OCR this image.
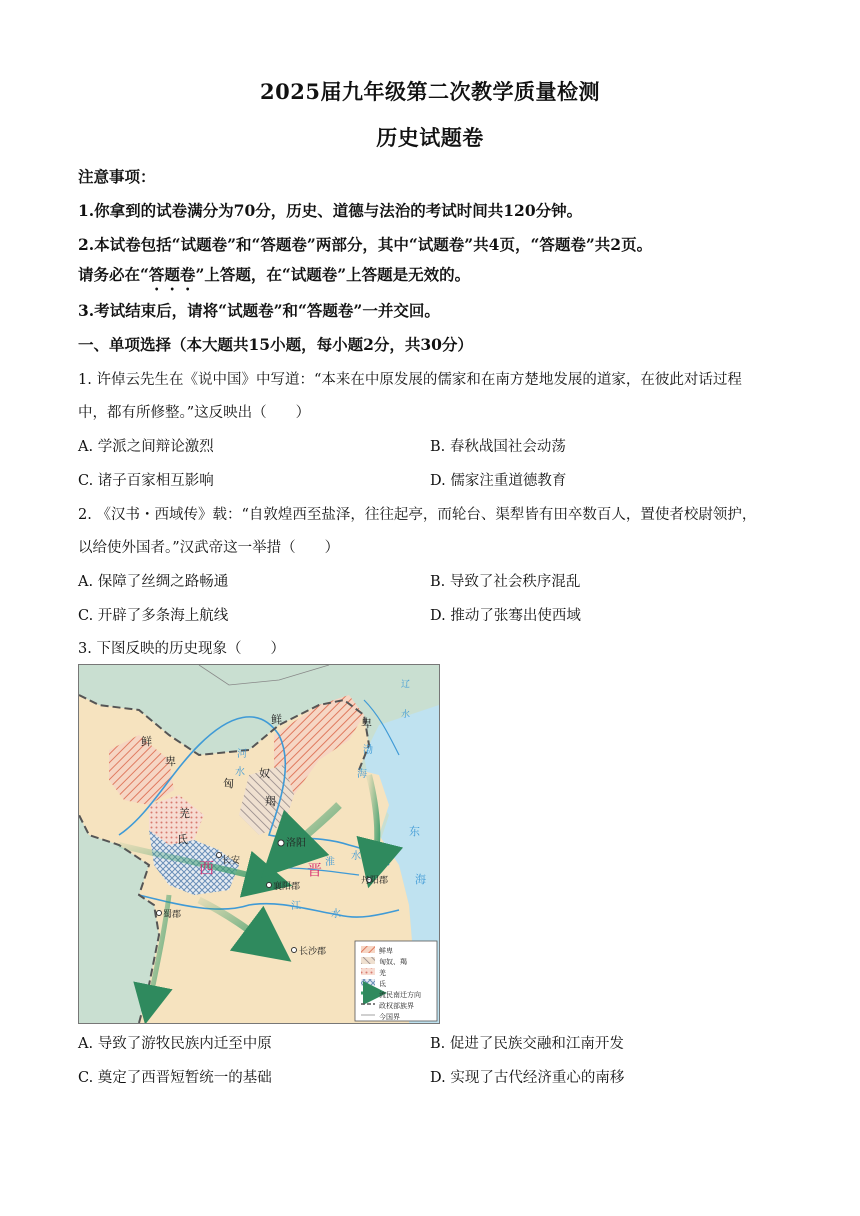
2025届九年级第二次教学质量检测
历史试题卷
注意事项：
1.你拿到的试卷满分为70分，历史、道德与法治的考试时间共120分钟。
2.本试卷包括“试题卷”和“答题卷”两部分，其中“试题卷”共4页，“答题卷”共2页。
请务必在“答题卷”上答题，在“试题卷”上答题是无效的。
3.考试结束后，请将“试题卷”和“答题卷”一并交回。
一、单项选择（本大题共15小题，每小题2分，共30分）
1. 许倬云先生在《说中国》中写道：“本来在中原发展的儒家和在南方楚地发展的道家，在彼此对话过程
中，都有所修整。”这反映出（　　）
A. 学派之间辩论激烈	B. 春秋战国社会动荡
C. 诸子百家相互影响	D. 儒家注重道德教育
2. 《汉书・西域传》载：“自敦煌西至盐泽，往往起亭，而轮台、渠犁皆有田卒数百人，置使者校尉领护，
以给使外国者。”汉武帝这一举措（　　）
A. 保障了丝绸之路畅通	B. 导致了社会秩序混乱
C. 开辟了多条海上航线	D. 推动了张骞出使西域
3. 下图反映的历史现象（　　）
鲜	卑
鲜
卑
匈
奴
羯
羌
氐	洛阳
长安
襄阳郡
丹阳郡
蜀郡
长沙郡
西	晋
河
水
江
水
淮
水
渤
海
东
海
辽
水
鲜卑
匈奴、羯
羌
氐
流民南迁方向
政权部族界
今国界
A. 导致了游牧民族内迁至中原	B. 促进了民族交融和江南开发
C. 奠定了西晋短暂统一的基础	D. 实现了古代经济重心的南移
